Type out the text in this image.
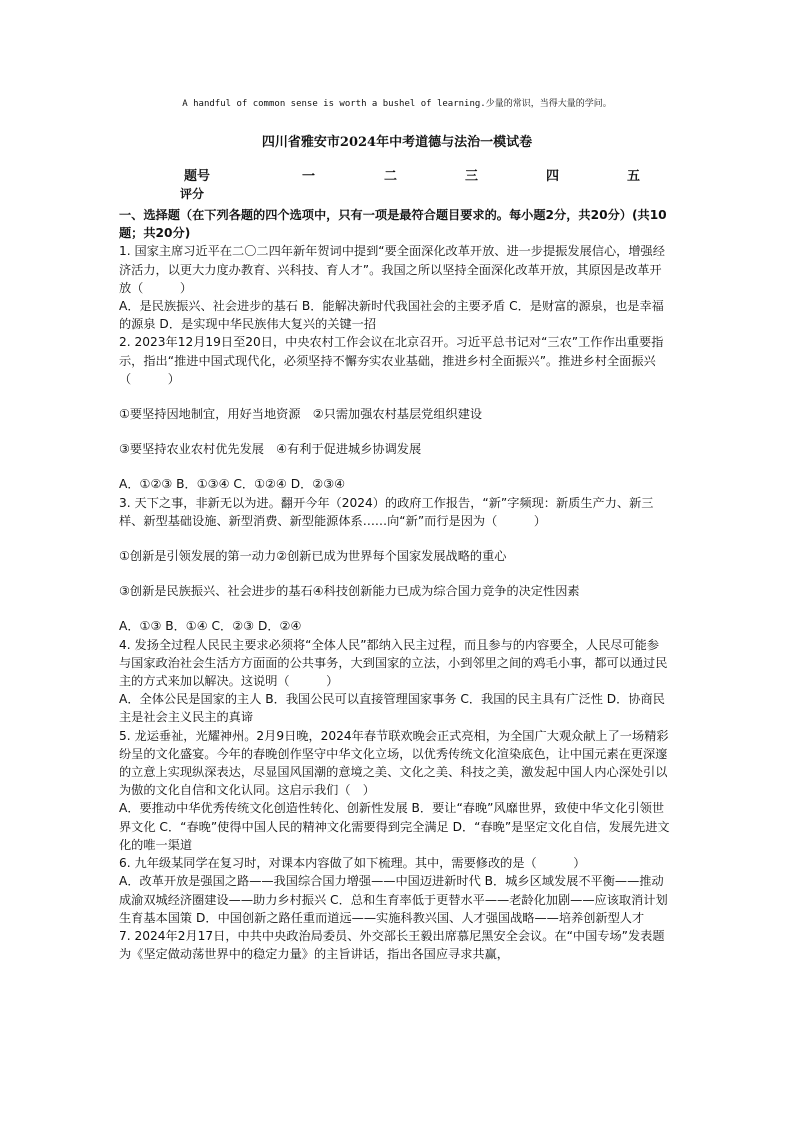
A handful of common sense is worth a bushel of learning.少量的常识，当得大量的学问。
四川省雅安市2024年中考道德与法治一模试卷
题号	一	二	三	四	五
评分

一、选择题（在下列各题的四个选项中，只有一项是最符合题目要求的。每小题2分，共20分）(共10题；共20分)

1. 国家主席习近平在二〇二四年新年贺词中提到“要全面深化改革开放、进一步提振发展信心，增强经济活力，以更大力度办教育、兴科技、育人才”。我国之所以坚持全面深化改革开放，其原因是改革开放（　　　）

A．是民族振兴、社会进步的基石 B．能解决新时代我国社会的主要矛盾 C．是财富的源泉，也是幸福的源泉 D．是实现中华民族伟大复兴的关键一招

2. 2023年12月19日至20日，中央农村工作会议在北京召开。习近平总书记对“三农”工作作出重要指示，指出“推进中国式现代化，必须坚持不懈夯实农业基础，推进乡村全面振兴”。推进乡村全面振兴（　　　）

①要坚持因地制宜，用好当地资源　②只需加强农村基层党组织建设

③要坚持农业农村优先发展　④有利于促进城乡协调发展

A．①②③ B．①③④ C．①②④ D．②③④

3. 天下之事，非新无以为进。翻开今年（2024）的政府工作报告，“新”字频现：新质生产力、新三样、新型基础设施、新型消费、新型能源体系……向“新”而行是因为（　　　）

①创新是引领发展的第一动力②创新已成为世界每个国家发展战略的重心

③创新是民族振兴、社会进步的基石④科技创新能力已成为综合国力竞争的决定性因素

A．①③ B．①④ C．②③ D．②④

4. 发扬全过程人民民主要求必须将“全体人民”都纳入民主过程，而且参与的内容要全，人民尽可能参与国家政治社会生活方方面面的公共事务，大到国家的立法，小到邻里之间的鸡毛小事，都可以通过民主的方式来加以解决。这说明（　　　）

A．全体公民是国家的主人 B．我国公民可以直接管理国家事务 C．我国的民主具有广泛性 D．协商民主是社会主义民主的真谛

5. 龙运垂祉，光耀神州。2月9日晚，2024年春节联欢晚会正式亮相，为全国广大观众献上了一场精彩纷呈的文化盛宴。今年的春晚创作坚守中华文化立场，以优秀传统文化渲染底色，让中国元素在更深邃的立意上实现纵深表达，尽显国风国潮的意境之美、文化之美、科技之美，激发起中国人内心深处引以为傲的文化自信和文化认同。这启示我们（　）

A．要推动中华优秀传统文化创造性转化、创新性发展 B．要让“春晚”风靡世界，致使中华文化引领世界文化 C．“春晚”使得中国人民的精神文化需要得到完全满足 D．“春晚”是坚定文化自信，发展先进文化的唯一渠道

6. 九年级某同学在复习时，对课本内容做了如下梳理。其中，需要修改的是（　　　）

A．改革开放是强国之路——我国综合国力增强——中国迈进新时代 B．城乡区域发展不平衡——推动成渝双城经济圈建设——助力乡村振兴 C．总和生育率低于更替水平——老龄化加剧——应该取消计划生育基本国策 D．中国创新之路任重而道远——实施科教兴国、人才强国战略——培养创新型人才

7. 2024年2月17日，中共中央政治局委员、外交部长王毅出席慕尼黑安全会议。在“中国专场”发表题为《坚定做动荡世界中的稳定力量》的主旨讲话，指出各国应寻求共赢，
